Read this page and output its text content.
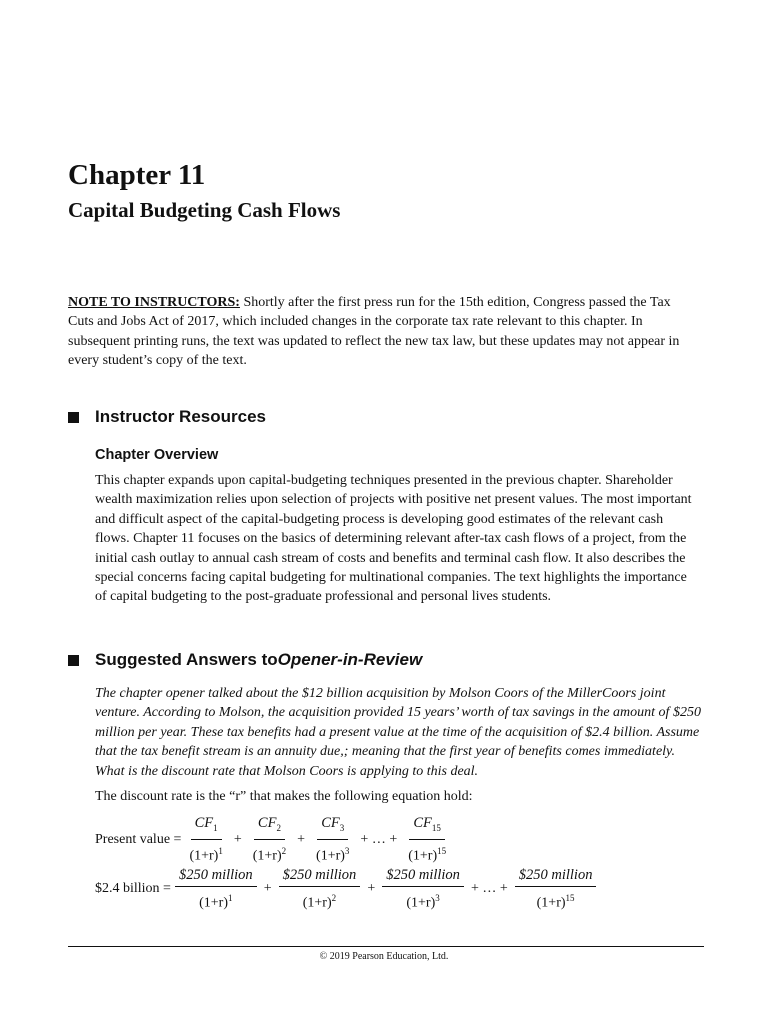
Chapter 11
Capital Budgeting Cash Flows

NOTE TO INSTRUCTORS: Shortly after the first press run for the 15th edition, Congress passed the Tax Cuts and Jobs Act of 2017, which included changes in the corporate tax rate relevant to this chapter. In subsequent printing runs, the text was updated to reflect the new tax law, but these updates may not appear in every student’s copy of the text.

Instructor Resources
Chapter Overview

This chapter expands upon capital-budgeting techniques presented in the previous chapter. Shareholder wealth maximization relies upon selection of projects with positive net present values. The most important and difficult aspect of the capital-budgeting process is developing good estimates of the relevant cash flows. Chapter 11 focuses on the basics of determining relevant after-tax cash flows of a project, from the initial cash outlay to annual cash stream of costs and benefits and terminal cash flow. It also describes the special concerns facing capital budgeting for multinational companies. The text highlights the importance of capital budgeting to the post-graduate professional and personal lives students.

Suggested Answers to Opener-in-Review

The chapter opener talked about the $12 billion acquisition by Molson Coors of the MillerCoors joint venture. According to Molson, the acquisition provided 15 years’ worth of tax savings in the amount of $250 million per year. These tax benefits had a present value at the time of the acquisition of $2.4 billion. Assume that the tax benefit stream is an annuity due,; meaning that the first year of benefits comes immediately. What is the discount rate that Molson Coors is applying to this deal.

The discount rate is the “r” that makes the following equation hold:

Present value = $\frac{CF_1}{(1+r)^1} + \frac{CF_2}{(1+r)^2} + \frac{CF_3}{(1+r)^3}$ + … + $\frac{CF_{15}}{(1+r)^{15}}$
$2.4 billion = $\frac{\text{\$250 million}}{(1+r)^1} + \frac{\text{\$250 million}}{(1+r)^2} + \frac{\text{\$250 million}}{(1+r)^3}$ + … + $\frac{\text{\$250 million}}{(1+r)^{15}}$
© 2019 Pearson Education, Ltd.
